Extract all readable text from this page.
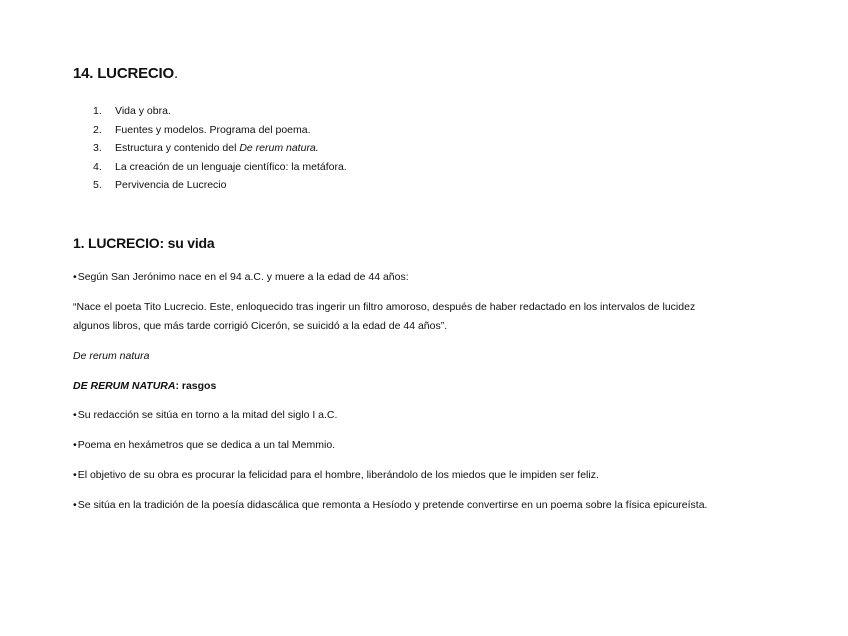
14. LUCRECIO.
1. Vida y obra.
2. Fuentes y modelos. Programa del poema.
3. Estructura y contenido del De rerum natura.
4. La creación de un lenguaje científico: la metáfora.
5. Pervivencia de Lucrecio
1. LUCRECIO: su vida
•Según San Jerónimo nace en el 94 a.C. y muere a la edad de 44 años:
“Nace el poeta Tito Lucrecio. Este, enloquecido tras ingerir un filtro amoroso, después de haber redactado en los intervalos de lucidez
algunos libros, que más tarde corrigió Cicerón, se suicidó a la edad de 44 años”.
De rerum natura
DE RERUM NATURA: rasgos
•Su redacción se sitúa en torno a la mitad del siglo I a.C.
•Poema en hexámetros que se dedica a un tal Memmio.
•El objetivo de su obra es procurar la felicidad para el hombre, liberándolo de los miedos que le impiden ser feliz.
•Se sitúa en la tradición de la poesía didascálica que remonta a Hesíodo y pretende convertirse en un poema sobre la física epicureísta.
